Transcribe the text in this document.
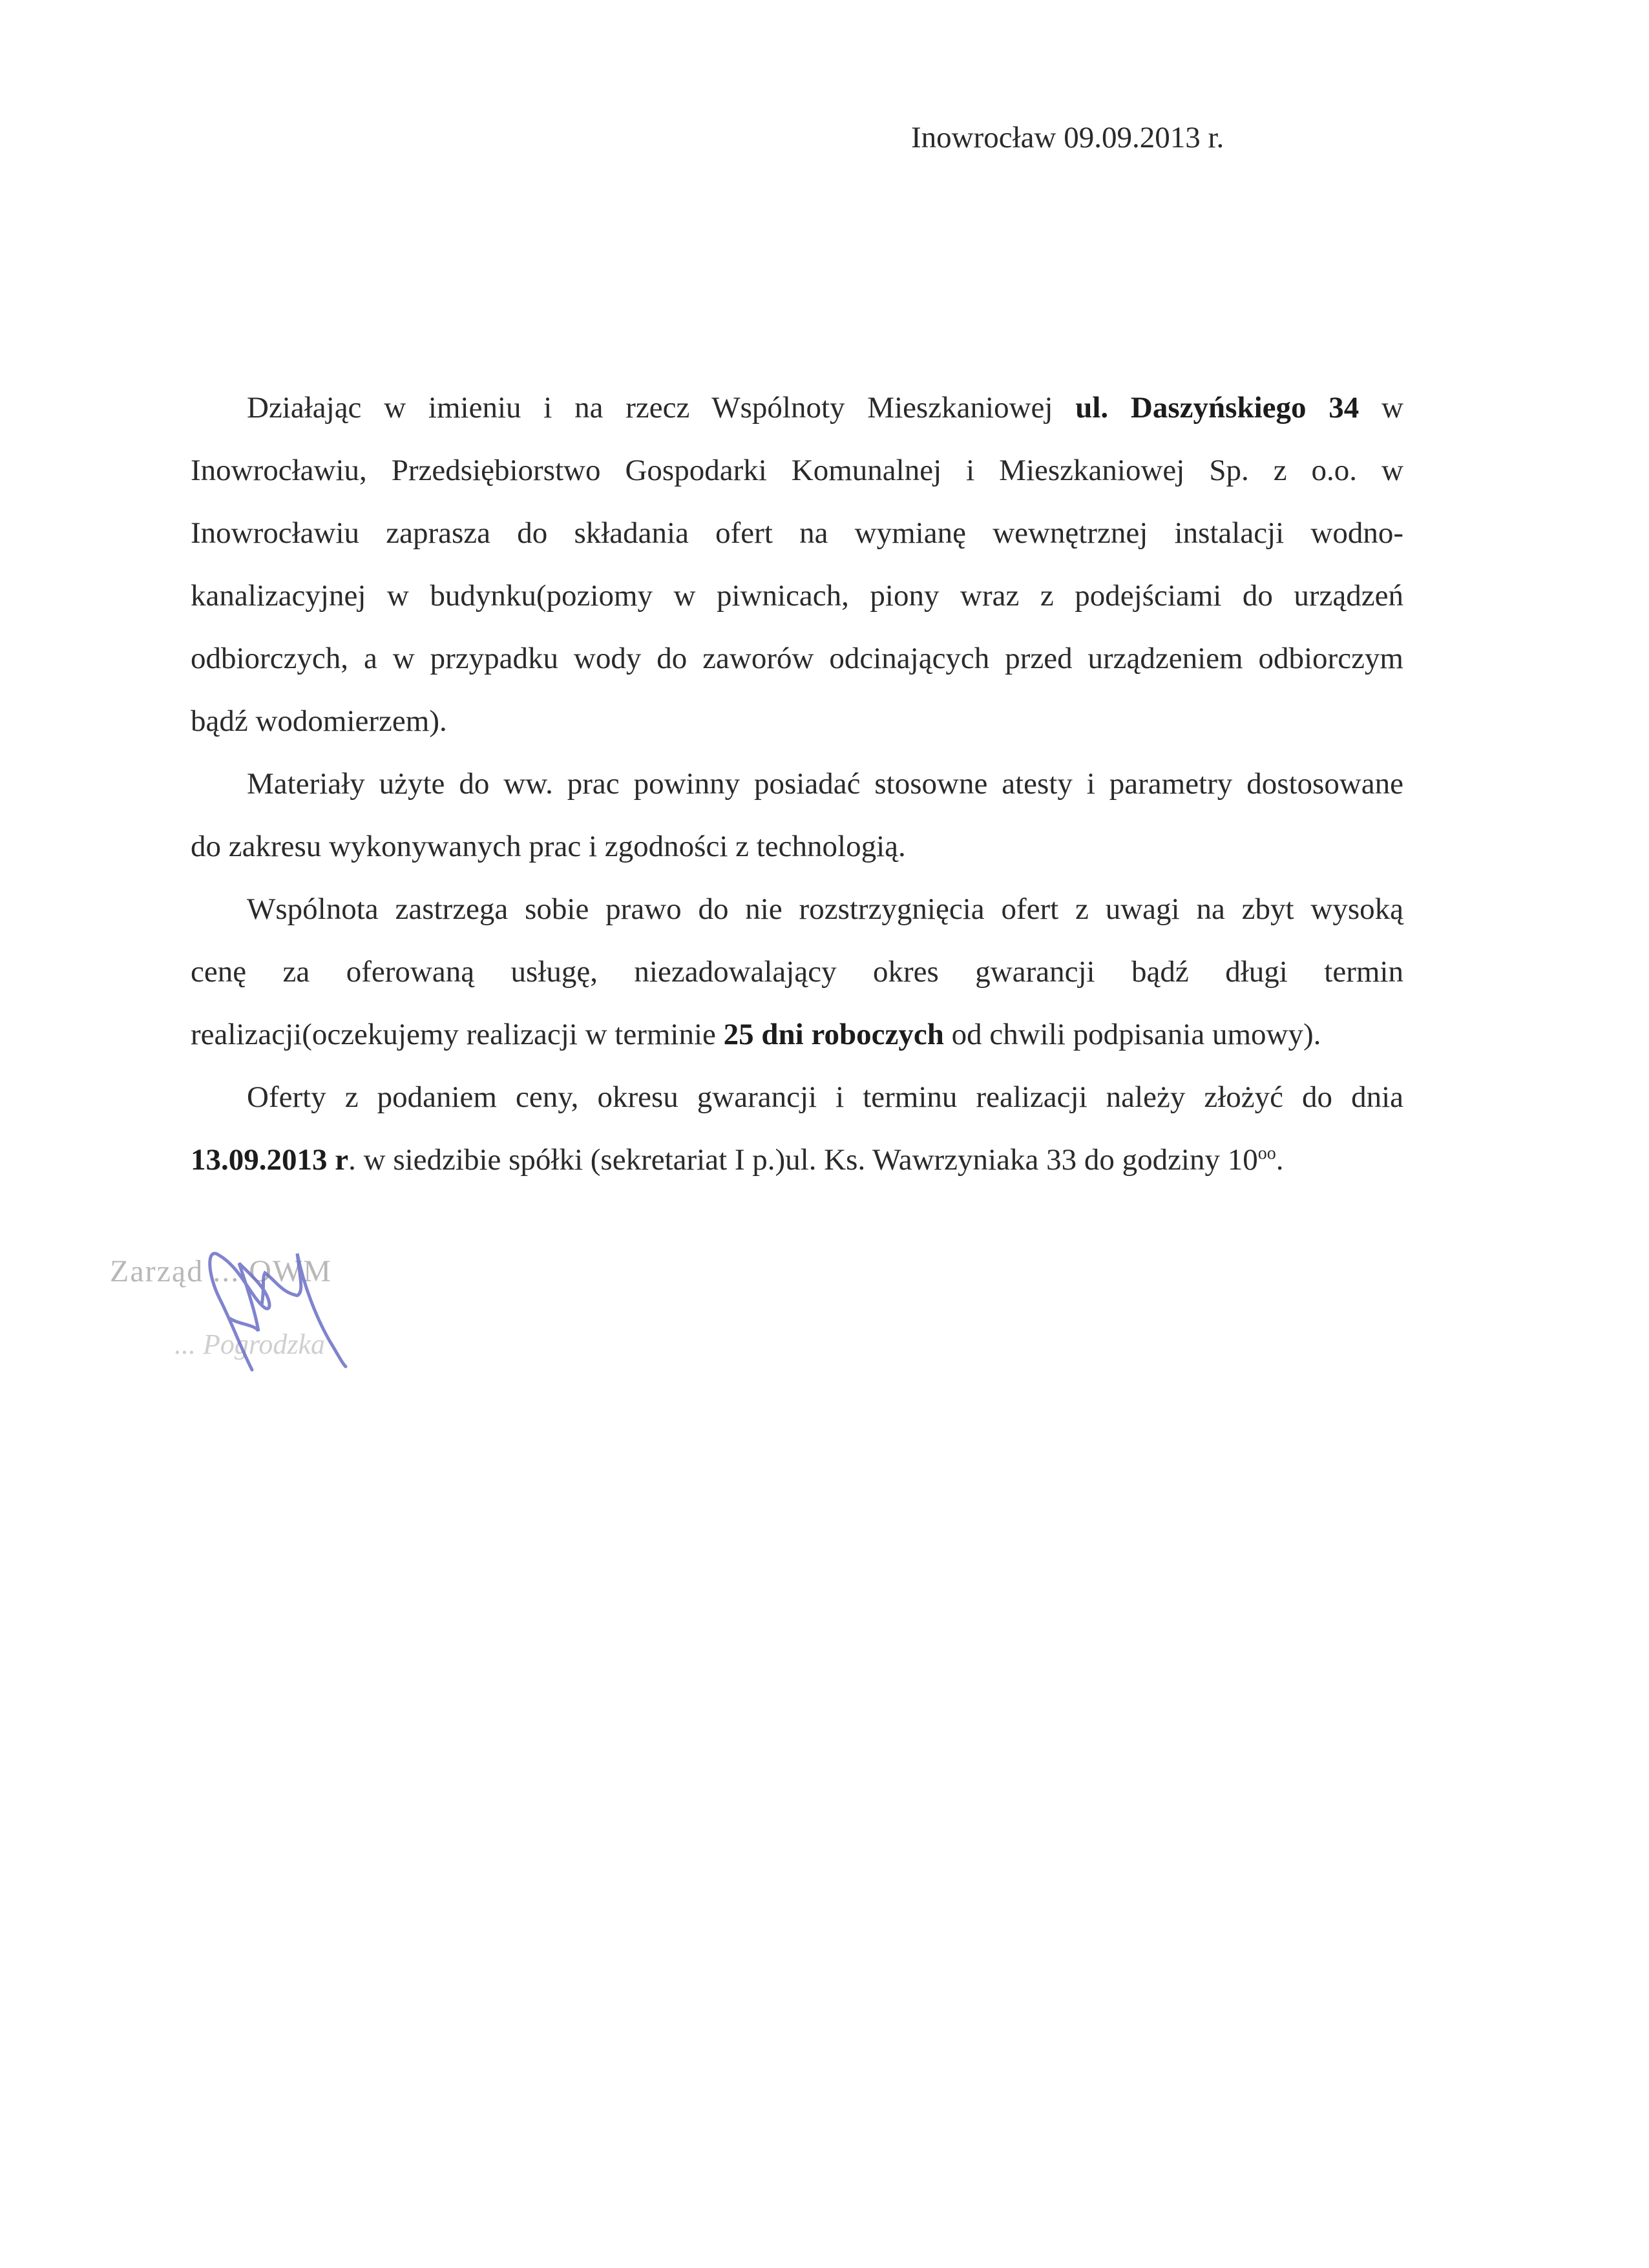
Inowrocław 09.09.2013 r.
Działając w imieniu i na rzecz Wspólnoty Mieszkaniowej ul. Daszyńskiego 34 w
Inowrocławiu, Przedsiębiorstwo Gospodarki Komunalnej i Mieszkaniowej Sp. z o.o. w
Inowrocławiu zaprasza do składania ofert na wymianę wewnętrznej instalacji wodno-
kanalizacyjnej w budynku(poziomy w piwnicach, piony wraz z podejściami do urządzeń
odbiorczych, a w przypadku wody do zaworów odcinających przed urządzeniem odbiorczym
bądź wodomierzem).
Materiały użyte do ww. prac powinny posiadać stosowne atesty i parametry dostosowane
do zakresu wykonywanych prac i zgodności z technologią.
Wspólnota zastrzega sobie prawo do nie rozstrzygnięcia ofert z uwagi na zbyt wysoką
cenę za oferowaną usługę, niezadowalający okres gwarancji bądź długi termin
realizacji(oczekujemy realizacji w terminie 25 dni roboczych od chwili podpisania umowy).
Oferty z podaniem ceny, okresu gwarancji i terminu realizacji należy złożyć do dnia
13.09.2013 r. w siedzibie spółki (sekretariat I p.)ul. Ks. Wawrzyniaka 33 do godziny $10^{oo}$.
Zarząd ... OWM
... Pogrodzka
